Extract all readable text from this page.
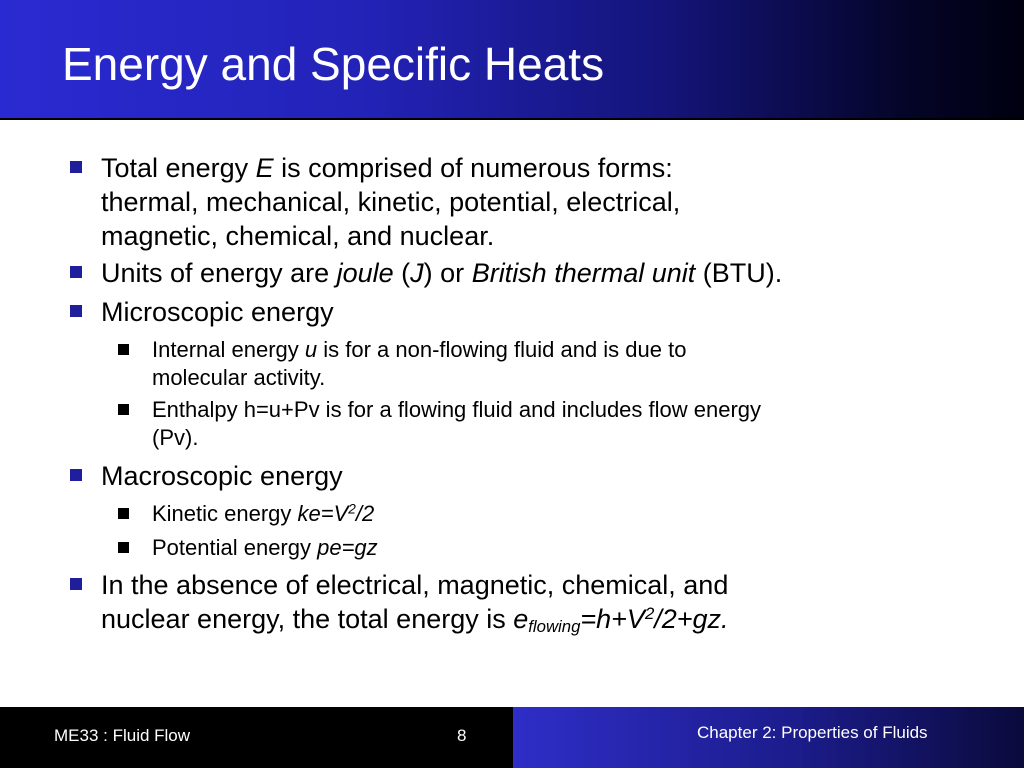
Energy and Specific Heats
Total energy E is comprised of numerous forms:
thermal, mechanical, kinetic, potential, electrical,
magnetic, chemical, and nuclear.
Units of energy are joule (J) or British thermal unit (BTU).
Microscopic energy
Internal energy u is for a non-flowing fluid and is due to
molecular activity.
Enthalpy h=u+Pv is for a flowing fluid and includes flow energy
(Pv).
Macroscopic energy
Kinetic energy $ke=V^2/2$
Potential energy pe=gz
In the absence of electrical, magnetic, chemical, and
nuclear energy, the total energy is $e_{flowing}=h+V^2/2+gz$.
ME33 : Fluid Flow	8	Chapter 2: Properties of Fluids
